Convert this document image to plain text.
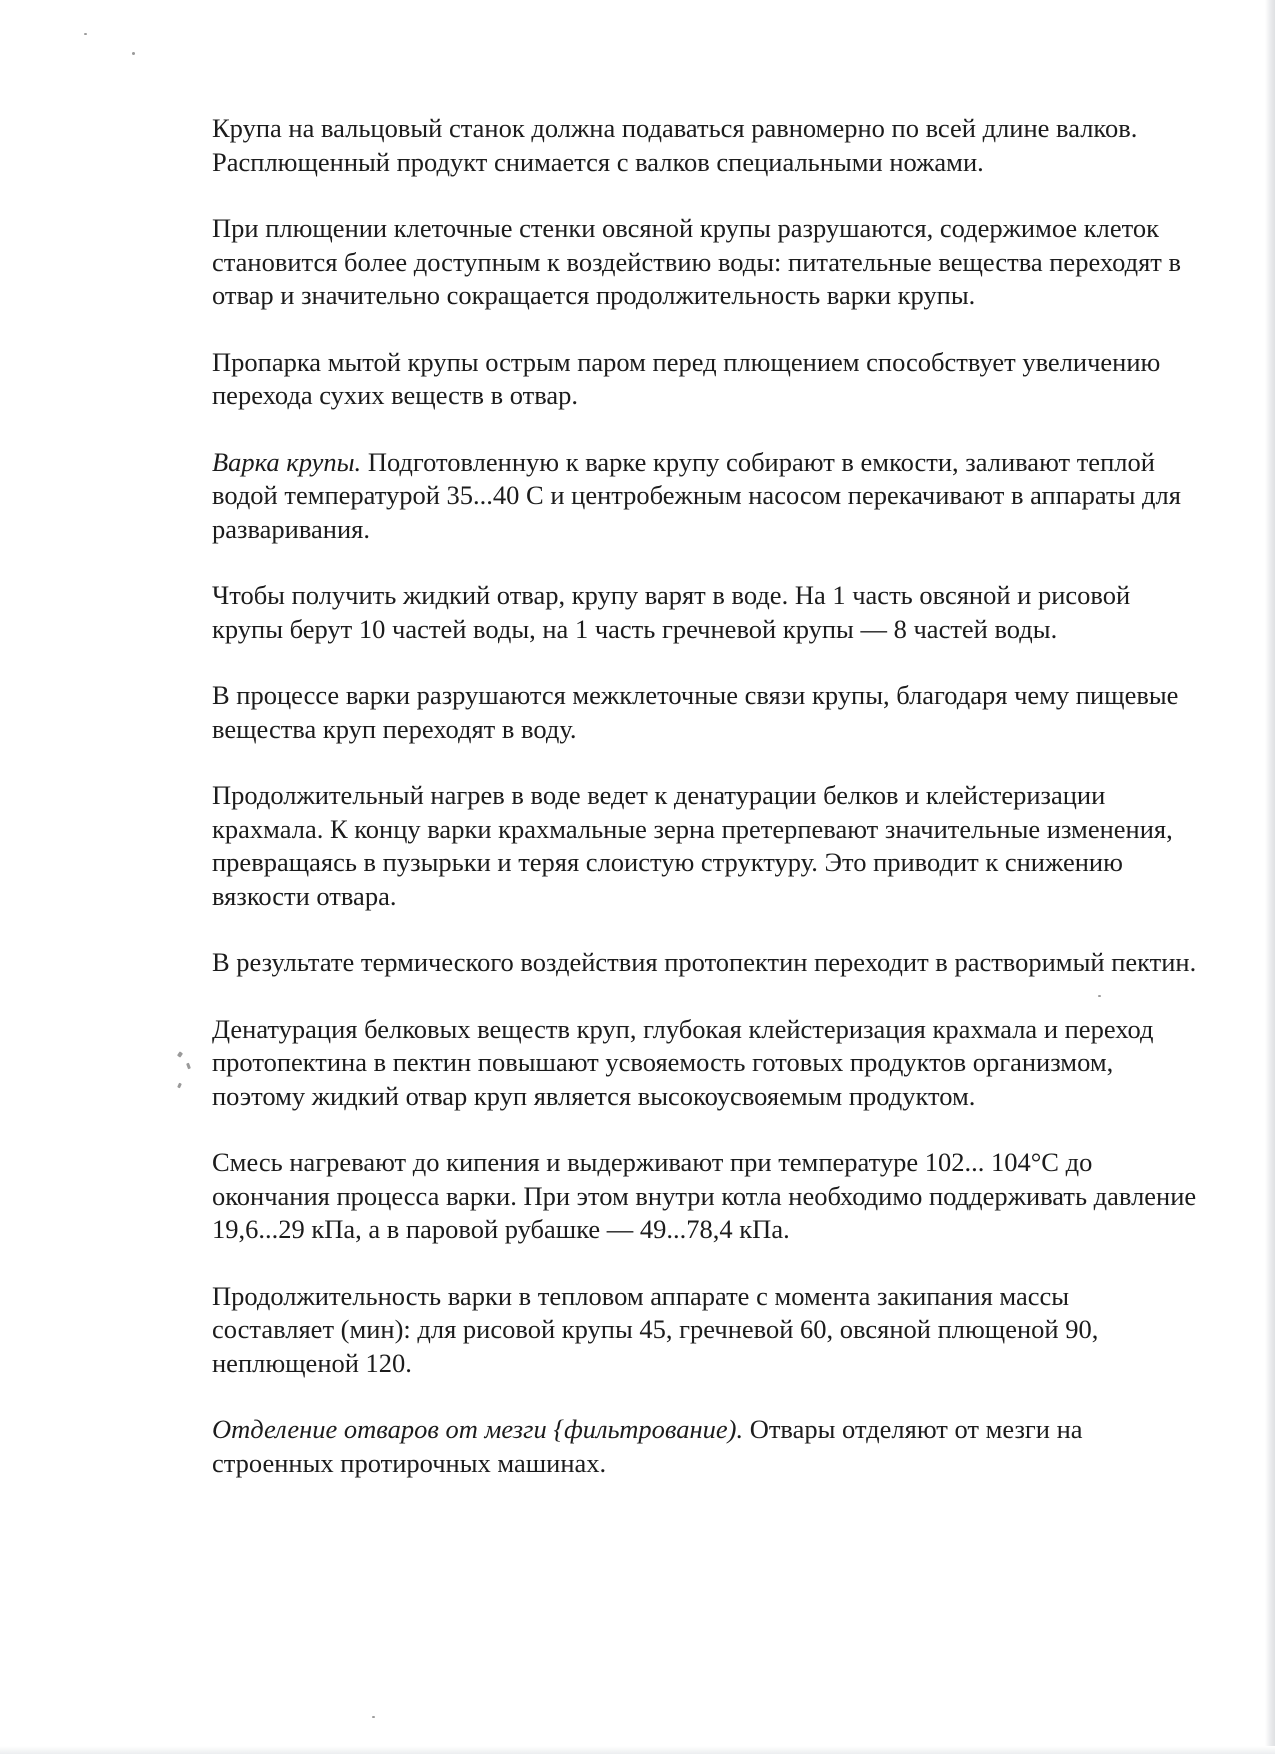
Крупа на вальцовый станок должна подаваться равномерно по всей длине валков. Расплющенный продукт снимается с валков специальными ножами.

При плющении клеточные стенки овсяной крупы разрушаются, содержимое клеток становится более доступным к воздействию воды: питательные вещества переходят в отвар и значительно сокращается продолжительность варки крупы.

Пропарка мытой крупы острым паром перед плющением способствует увеличению перехода сухих веществ в отвар.

Варка крупы. Подготовленную к варке крупу собирают в емкости, заливают теплой водой температурой 35...40 С и центробежным насосом перекачивают в аппараты для разваривания.

Чтобы получить жидкий отвар, крупу варят в воде. На 1 часть овсяной и рисовой крупы берут 10 частей воды, на 1 часть гречневой крупы — 8 частей воды.

В процессе варки разрушаются межклеточные связи крупы, благодаря чему пищевые вещества круп переходят в воду.

Продолжительный нагрев в воде ведет к денатурации белков и клейстеризации крахмала. К концу варки крахмальные зерна претерпевают значительные изменения, превращаясь в пузырьки и теряя слоистую структуру. Это приводит к снижению вязкости отвара.

В результате термического воздействия протопектин переходит в растворимый пектин.

Денатурация белковых веществ круп, глубокая клейстеризация крахмала и переход протопектина в пектин повышают усвояемость готовых продуктов организмом, поэтому жидкий отвар круп является высокоусвояемым продуктом.

Смесь нагревают до кипения и выдерживают при температуре 102... 104°С до окончания процесса варки. При этом внутри котла необходимо поддерживать давление 19,6...29 кПа, а в паровой рубашке — 49...78,4 кПа.

Продолжительность варки в тепловом аппарате с момента закипания массы составляет (мин): для рисовой крупы 45, гречневой 60, овсяной плющеной 90, неплющеной 120.

Отделение отваров от мезги {фильтрование). Отвары отделяют от мезги на строенных протирочных машинах.
